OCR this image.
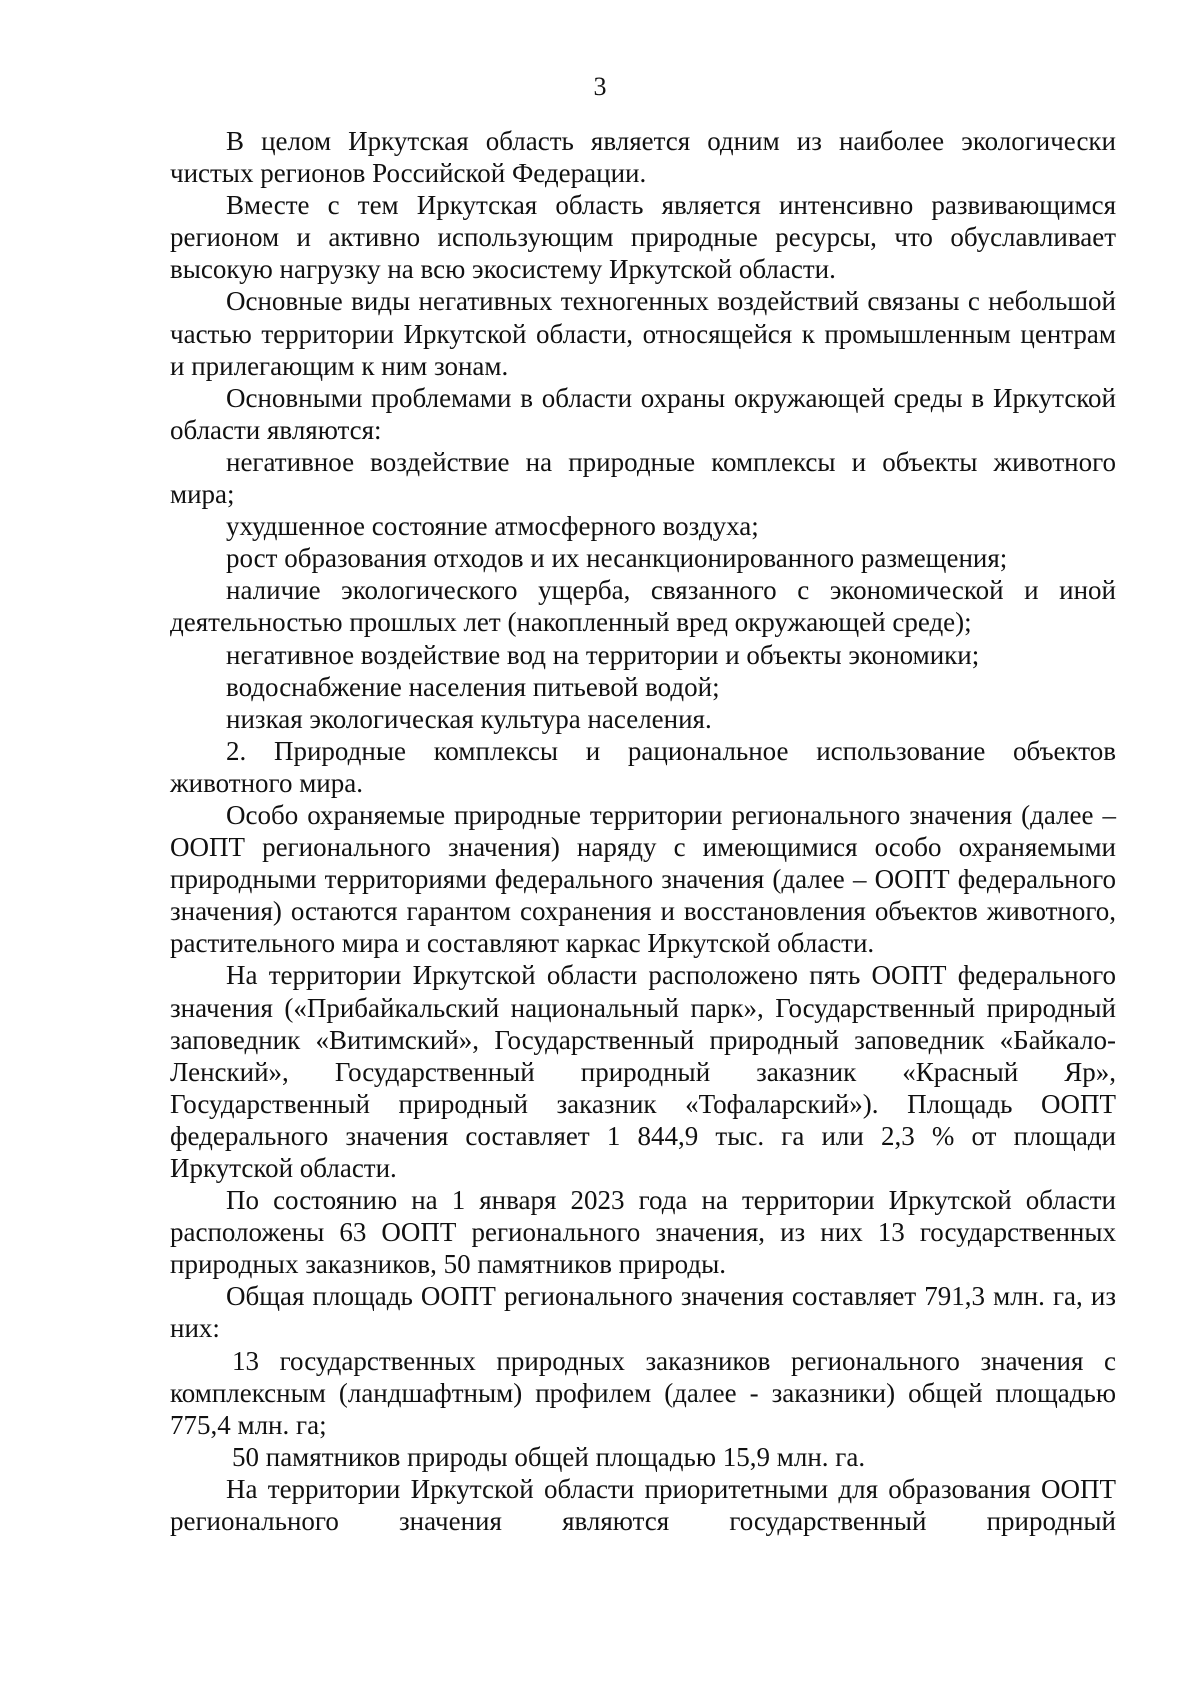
3

В целом Иркутская область является одним из наиболее экологически чистых регионов Российской Федерации.

Вместе с тем Иркутская область является интенсивно развивающимся регионом и активно использующим природные ресурсы, что обуславливает высокую нагрузку на всю экосистему Иркутской области.

Основные виды негативных техногенных воздействий связаны с небольшой частью территории Иркутской области, относящейся к промышленным центрам и прилегающим к ним зонам.

Основными проблемами в области охраны окружающей среды в Иркутской области являются:

негативное воздействие на природные комплексы и объекты животного мира;

ухудшенное состояние атмосферного воздуха;

рост образования отходов и их несанкционированного размещения;

наличие экологического ущерба, связанного с экономической и иной деятельностью прошлых лет (накопленный вред окружающей среде);

негативное воздействие вод на территории и объекты экономики;

водоснабжение населения питьевой водой;

низкая экологическая культура населения.

2. Природные комплексы и рациональное использование объектов животного мира.

Особо охраняемые природные территории регионального значения (далее – ООПТ регионального значения) наряду с имеющимися особо охраняемыми природными территориями федерального значения (далее – ООПТ федерального значения) остаются гарантом сохранения и восстановления объектов животного, растительного мира и составляют каркас Иркутской области.

На территории Иркутской области расположено пять ООПТ федерального значения («Прибайкальский национальный парк», Государственный природный заповедник «Витимский», Государственный природный заповедник «Байкало-Ленский», Государственный природный заказник «Красный Яр», Государственный природный заказник «Тофаларский»). Площадь ООПТ федерального значения составляет 1 844,9 тыс. га или 2,3 % от площади Иркутской области.

По состоянию на 1 января 2023 года на территории Иркутской области расположены 63 ООПТ регионального значения, из них 13 государственных природных заказников, 50 памятников природы.

Общая площадь ООПТ регионального значения составляет 791,3 млн. га, из них:

13 государственных природных заказников регионального значения с комплексным (ландшафтным) профилем (далее - заказники) общей площадью 775,4 млн. га;

50 памятников природы общей площадью 15,9 млн. га.

На территории Иркутской области приоритетными для образования ООПТ регионального значения являются государственный природный
